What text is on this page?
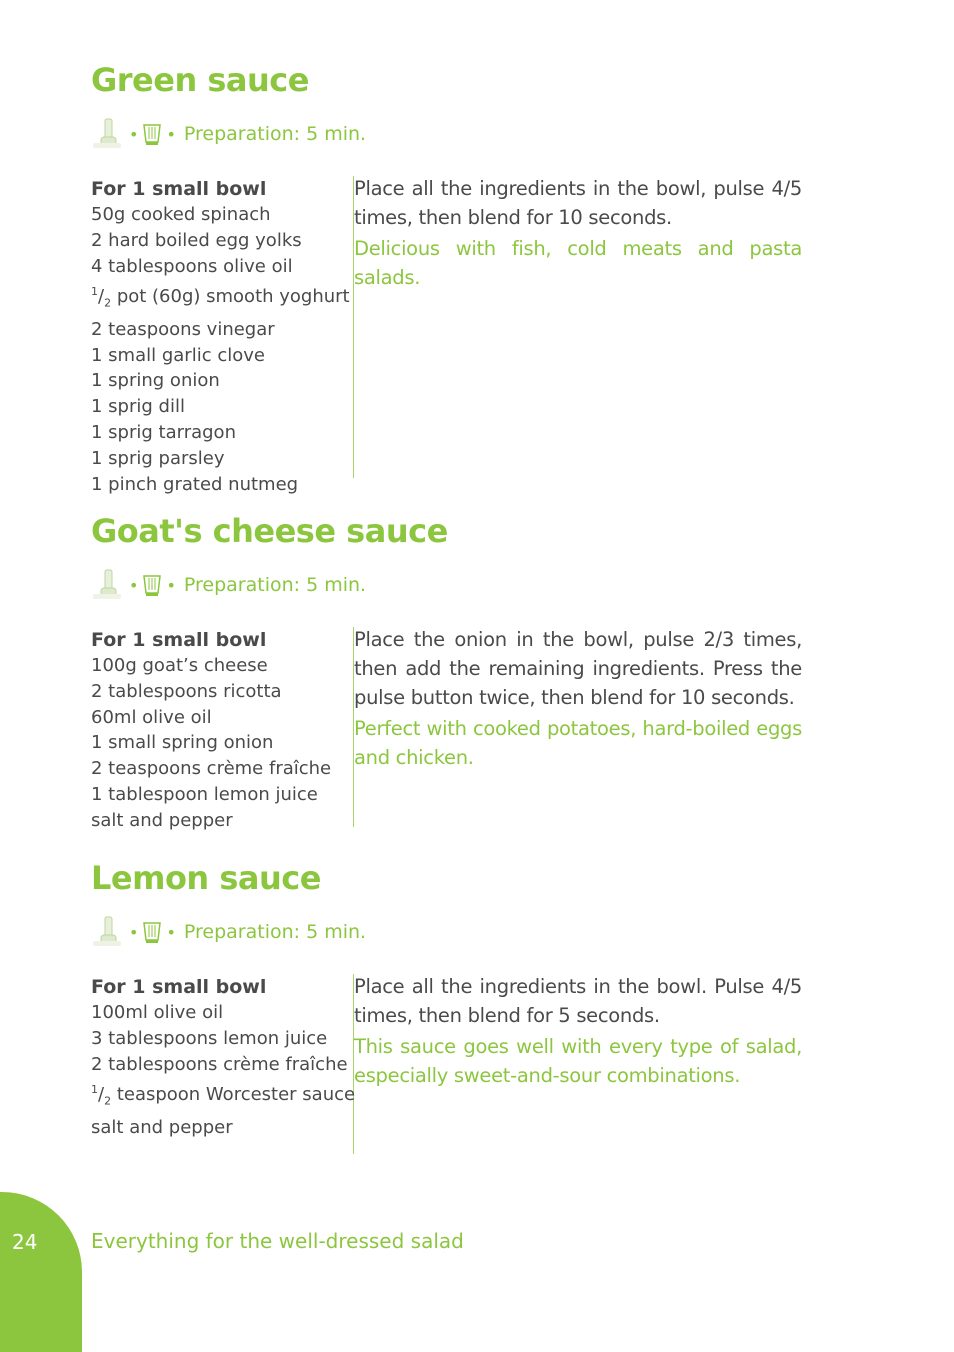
Green sauce
• • Preparation: 5 min.

For 1 small bowl

50g cooked spinach
2 hard boiled egg yolks
4 tablespoons olive oil
$^1/_2$ pot (60g) smooth yoghurt
2 teaspoons vinegar
1 small garlic clove
1 spring onion
1 sprig dill
1 sprig tarragon
1 sprig parsley
1 pinch grated nutmeg

Place all the ingredients in the bowl, pulse 4/5 times, then blend for 10 seconds.

Delicious with fish, cold meats and pasta salads.

Goat's cheese sauce
• • Preparation: 5 min.

For 1 small bowl

100g goat’s cheese
2 tablespoons ricotta
60ml olive oil
1 small spring onion
2 teaspoons crème fraîche
1 tablespoon lemon juice
salt and pepper

Place the onion in the bowl, pulse 2/3 times, then add the remaining ingredients. Press the pulse button twice, then blend for 10 seconds.

Perfect with cooked potatoes, hard-boiled eggs and chicken.

Lemon sauce
• • Preparation: 5 min.

For 1 small bowl

100ml olive oil
3 tablespoons lemon juice
2 tablespoons crème fraîche
$^1/_2$ teaspoon Worcester sauce
salt and pepper

Place all the ingredients in the bowl. Pulse 4/5 times, then blend for 5 seconds.

This sauce goes well with every type of salad, especially sweet-and-sour combinations.

24	Everything for the well-dressed salad
